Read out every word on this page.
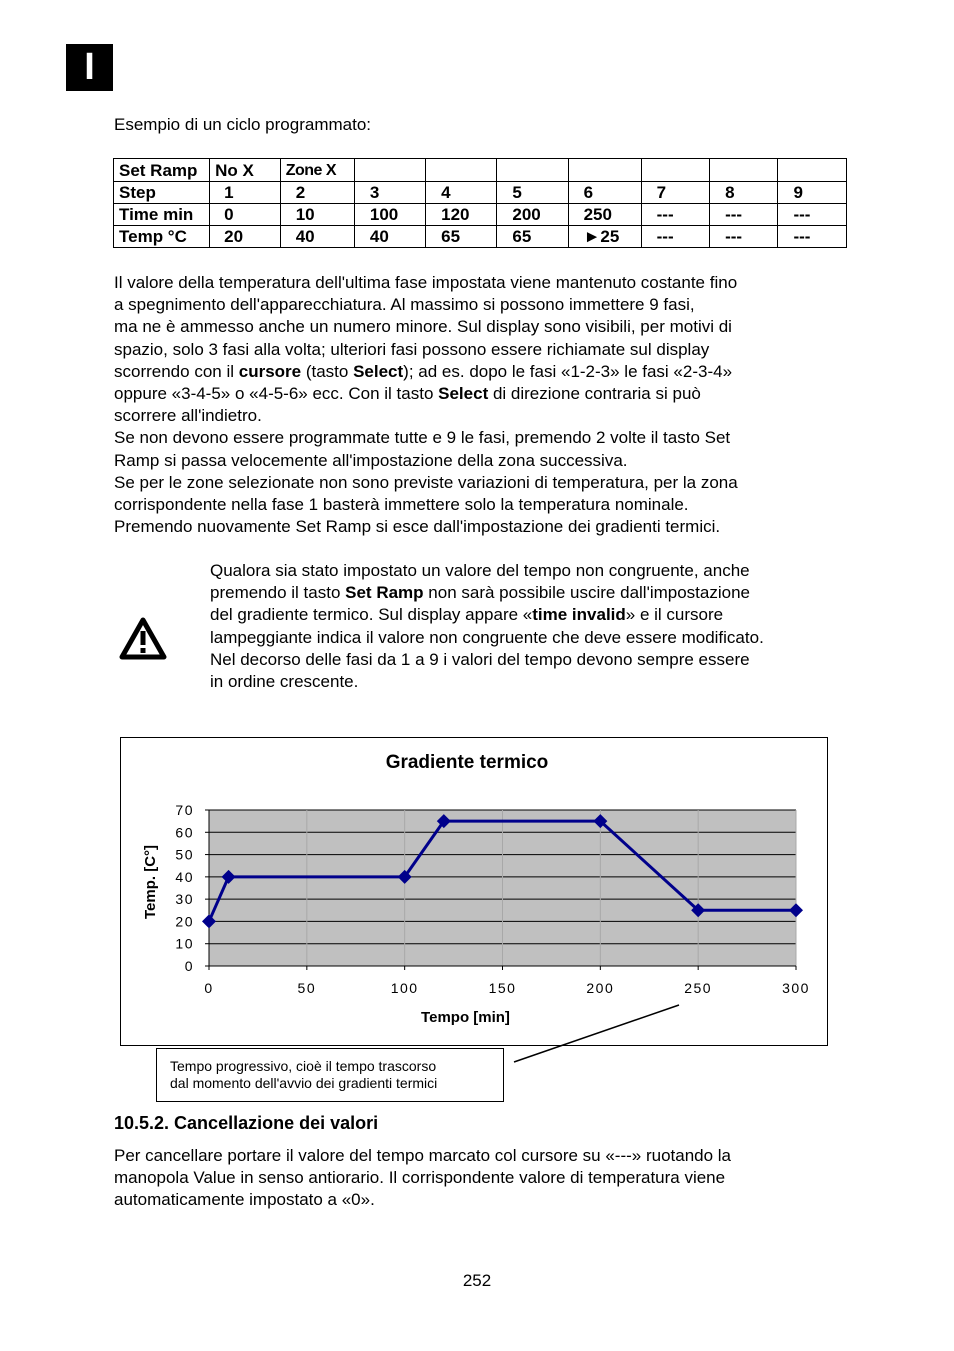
I
Esempio di un ciclo programmato:
Set Ramp	No X	Zone X							
Step	1	2	3	4	5	6	7	8	9
Time min	0	10	100	120	200	250	---	---	---
Temp °C	20	40	40	65	65	►25	---	---	---
Il valore della temperatura dell'ultima fase impostata viene mantenuto costante fino
a spegnimento dell'apparecchiatura. Al massimo si possono immettere 9 fasi,
ma ne è ammesso anche un numero minore. Sul display sono visibili, per motivi di
spazio, solo 3 fasi alla volta; ulteriori fasi possono essere richiamate sul display
scorrendo con il cursore (tasto Select); ad es. dopo le fasi «1-2-3» le fasi «2-3-4»
oppure «3-4-5» o «4-5-6» ecc. Con il tasto Select di direzione contraria si può
scorrere all'indietro.
Se non devono essere programmate tutte e 9 le fasi, premendo 2 volte il tasto Set
Ramp si passa velocemente all'impostazione della zona successiva.
Se per le zone selezionate non sono previste variazioni di temperatura, per la zona
corrispondente nella fase 1 basterà immettere solo la temperatura nominale.
Premendo nuovamente Set Ramp si esce dall'impostazione dei gradienti termici.
Qualora sia stato impostato un valore del tempo non congruente, anche
premendo il tasto Set Ramp non sarà possibile uscire dall'impostazione
del gradiente termico. Sul display appare «time invalid» e il cursore
lampeggiante indica il valore non congruente che deve essere modificato.
Nel decorso delle fasi da 1 a 9 i valori del tempo devono sempre essere
in ordine crescente.
Gradiente termico
0
10
20
30
40
50
60
70
0	50	100	150	200	250	300
Tempo [min]
Temp. [C°]
Tempo progressivo, cioè il tempo trascorso
dal momento dell'avvio dei gradienti termici
10.5.2. Cancellazione dei valori
Per cancellare portare il valore del tempo marcato col cursore su «---» ruotando la
manopola Value in senso antiorario. Il corrispondente valore di temperatura viene
automaticamente impostato a «0».
252
